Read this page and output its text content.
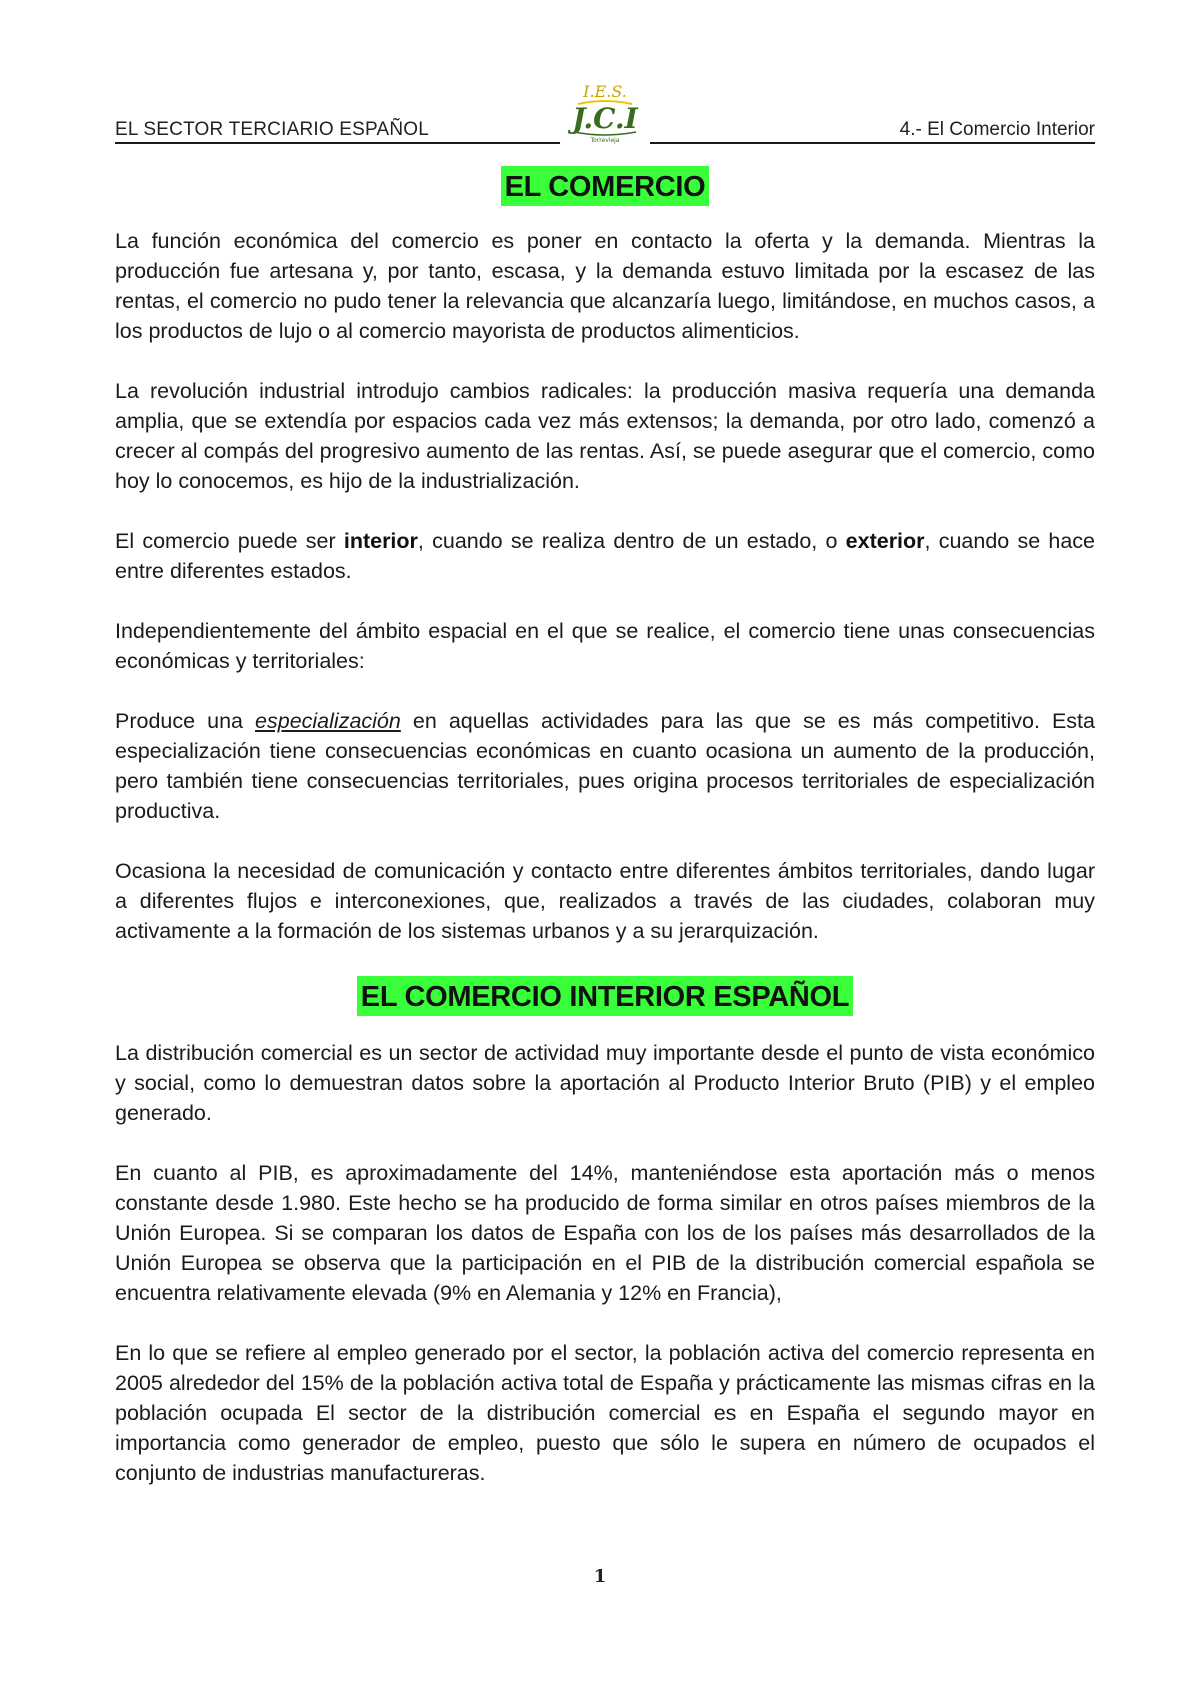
EL SECTOR TERCIARIO ESPAÑOL	4.- El Comercio Interior
I.E.S.
J.C.I
Torrevieja
EL COMERCIO

La función económica del comercio es poner en contacto la oferta y la demanda. Mientras la producción fue artesana y, por tanto, escasa, y la demanda estuvo limitada por la escasez de las rentas, el comercio no pudo tener la relevancia que alcanzaría luego, limitándose, en muchos casos, a los productos de lujo o al comercio mayorista de productos alimenticios.

La revolución industrial introdujo cambios radicales: la producción masiva requería una demanda amplia, que se extendía por espacios cada vez más extensos; la demanda, por otro lado, comenzó a crecer al compás del progresivo aumento de las rentas. Así, se puede asegurar que el comercio, como hoy lo conocemos, es hijo de la industrialización.

El comercio puede ser interior, cuando se realiza dentro de un estado, o exterior, cuando se hace entre diferentes estados.

Independientemente del ámbito espacial en el que se realice, el comercio tiene unas consecuencias económicas y territoriales:

Produce una especialización en aquellas actividades para las que se es más competitivo. Esta especialización tiene consecuencias económicas en cuanto ocasiona un aumento de la producción, pero también tiene consecuencias territoriales, pues origina procesos territoriales de especialización productiva.

Ocasiona la necesidad de comunicación y contacto entre diferentes ámbitos territoriales, dando lugar a diferentes flujos e interconexiones, que, realizados a través de las ciudades, colaboran muy activamente a la formación de los sistemas urbanos y a su jerarquización.

EL COMERCIO INTERIOR ESPAÑOL

La distribución comercial es un sector de actividad muy importante desde el punto de vista económico y social, como lo demuestran datos sobre la aportación al Producto Interior Bruto (PIB) y el empleo generado.

En cuanto al PIB, es aproximadamente del 14%, manteniéndose esta aportación más o menos constante desde 1.980. Este hecho se ha producido de forma similar en otros países miembros de la Unión Europea. Si se comparan los datos de España con los de los países más desarrollados de la Unión Europea se observa que la participación en el PIB de la distribución comercial española se encuentra relativamente elevada (9% en Alemania y 12% en Francia),

En lo que se refiere al empleo generado por el sector, la población activa del comercio representa en 2005 alrededor del 15% de la población activa total de España y prácticamente las mismas cifras en la población ocupada El sector de la distribución comercial es en España el segundo mayor en importancia como generador de empleo, puesto que sólo le supera en número de ocupados el conjunto de industrias manufactureras.

1
